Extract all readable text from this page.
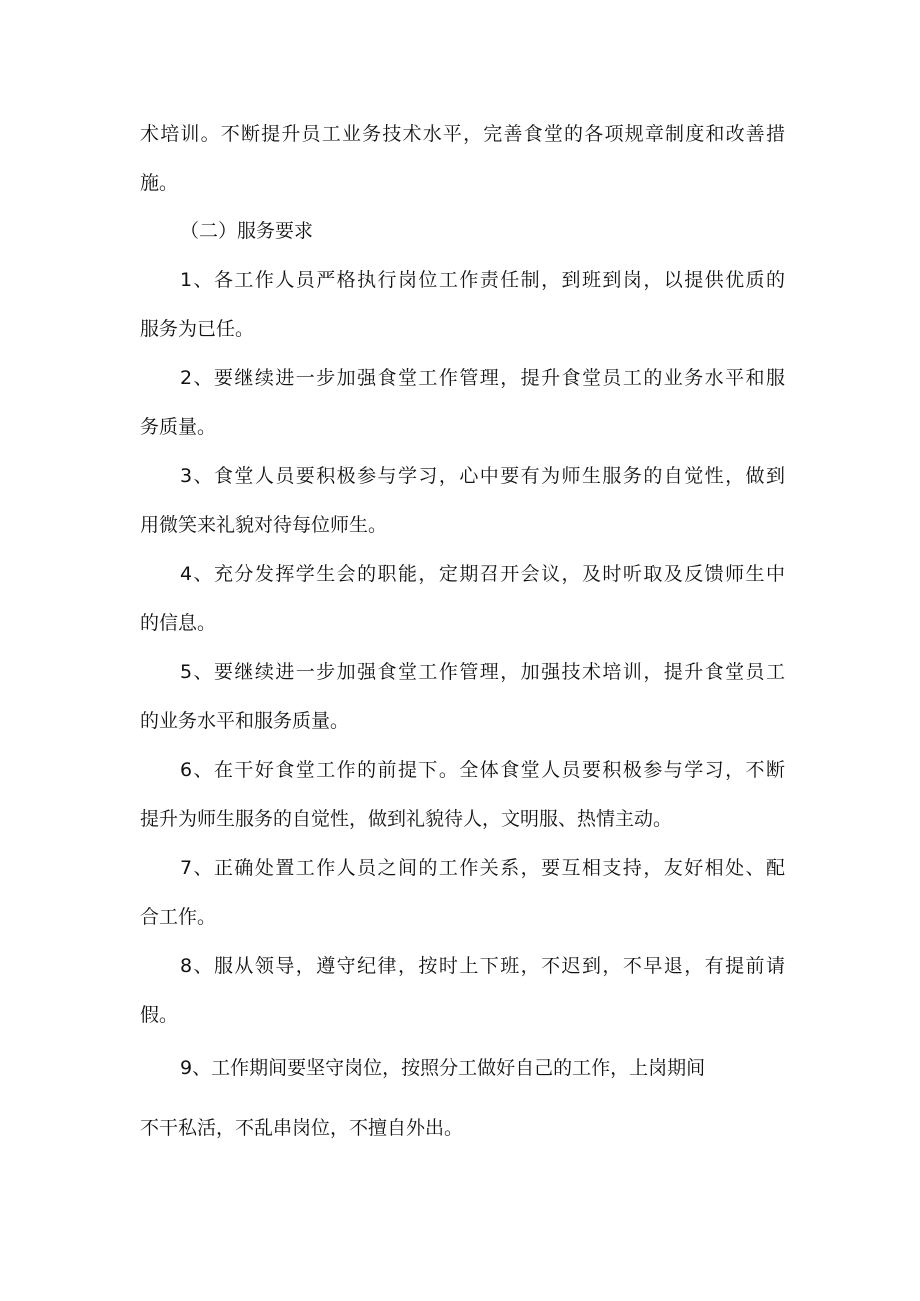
术培训。不断提升员工业务技术水平，完善食堂的各项规章制度和改善措
施。
（二）服务要求
1、各工作人员严格执行岗位工作责任制，到班到岗，以提供优质的
服务为已任。
2、要继续进一步加强食堂工作管理，提升食堂员工的业务水平和服
务质量。
3、食堂人员要积极参与学习，心中要有为师生服务的自觉性，做到
用微笑来礼貌对待每位师生。
4、充分发挥学生会的职能，定期召开会议，及时听取及反馈师生中
的信息。
5、要继续进一步加强食堂工作管理，加强技术培训，提升食堂员工
的业务水平和服务质量。
6、在干好食堂工作的前提下。全体食堂人员要积极参与学习，不断
提升为师生服务的自觉性，做到礼貌待人，文明服、热情主动。
7、正确处置工作人员之间的工作关系，要互相支持，友好相处、配
合工作。
8、服从领导，遵守纪律，按时上下班，不迟到，不早退，有提前请
假。
9、工作期间要坚守岗位，按照分工做好自己的工作，上岗期间
不干私活，不乱串岗位，不擅自外出。
